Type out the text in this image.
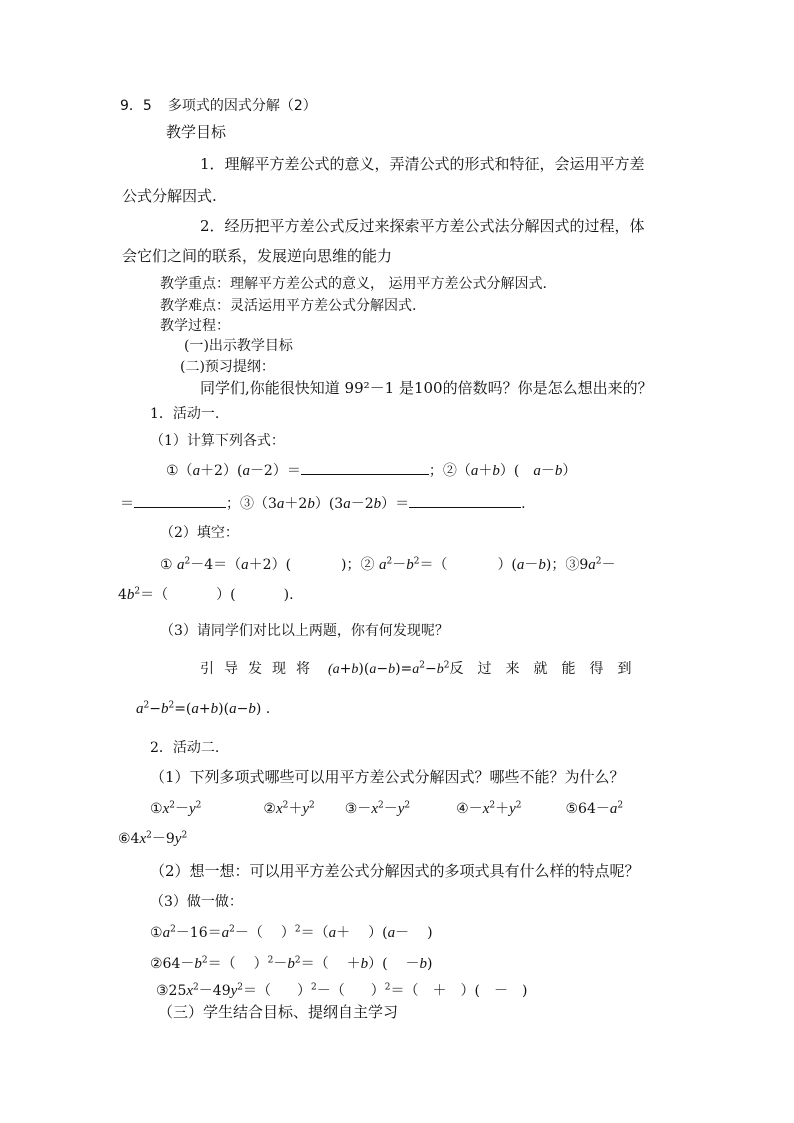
9．5 多项式的因式分解（2）
教学目标
1．理解平方差公式的意义，弄清公式的形式和特征，会运用平方差
公式分解因式.
2．经历把平方差公式反过来探索平方差公式法分解因式的过程，体
会它们之间的联系，发展逆向思维的能力
教学重点：理解平方差公式的意义， 运用平方差公式分解因式.
教学难点：灵活运用平方差公式分解因式.
教学过程：
(一)出示教学目标
(二)预习提纲：
同学们,你能很快知道 99²－1 是100的倍数吗？你是怎么想出来的？
1．活动一.
（1）计算下列各式：
①（a＋2）(a－2）＝	；②（a＋b）(　a－b）
＝	；③（3a＋2b）(3a－2b）＝	.
（2）填空：
① $a^2-4=(a+2)$(	)；② $a^2-b^2=$（	）(a－b)；$③9a^2-$
$4b^2=$（	）(	).
（3）请同学们对比以上两题，你有何发现呢？
引导发现将 $(a+b)(a-b)=a^2-b^2$反过来就能得到
$a^2-b^2=(a+b)(a-b)$ .
2．活动二.
（1）下列多项式哪些可以用平方差公式分解因式？哪些不能？为什么？
$①x^2-y^2$	$②x^2+y^2$ $③-x^2-y^2$	$④-x^2+y^2$	$⑤64-a^2$
$⑥4x^2-9y^2$
（2）想一想：可以用平方差公式分解因式的多项式具有什么样的特点呢？
（3）做一做：
$①a^2-16=a^2-$（ ）$^2$＝（a＋ ）(a－ )
$②64-b^2=$（ ）$^2-b^2=( +b)( -b)$
$③25x^2-49y^2=$（ ）$^2$－（ ）$^2$＝（ ＋ ）( － )
（三）学生结合目标、提纲自主学习
